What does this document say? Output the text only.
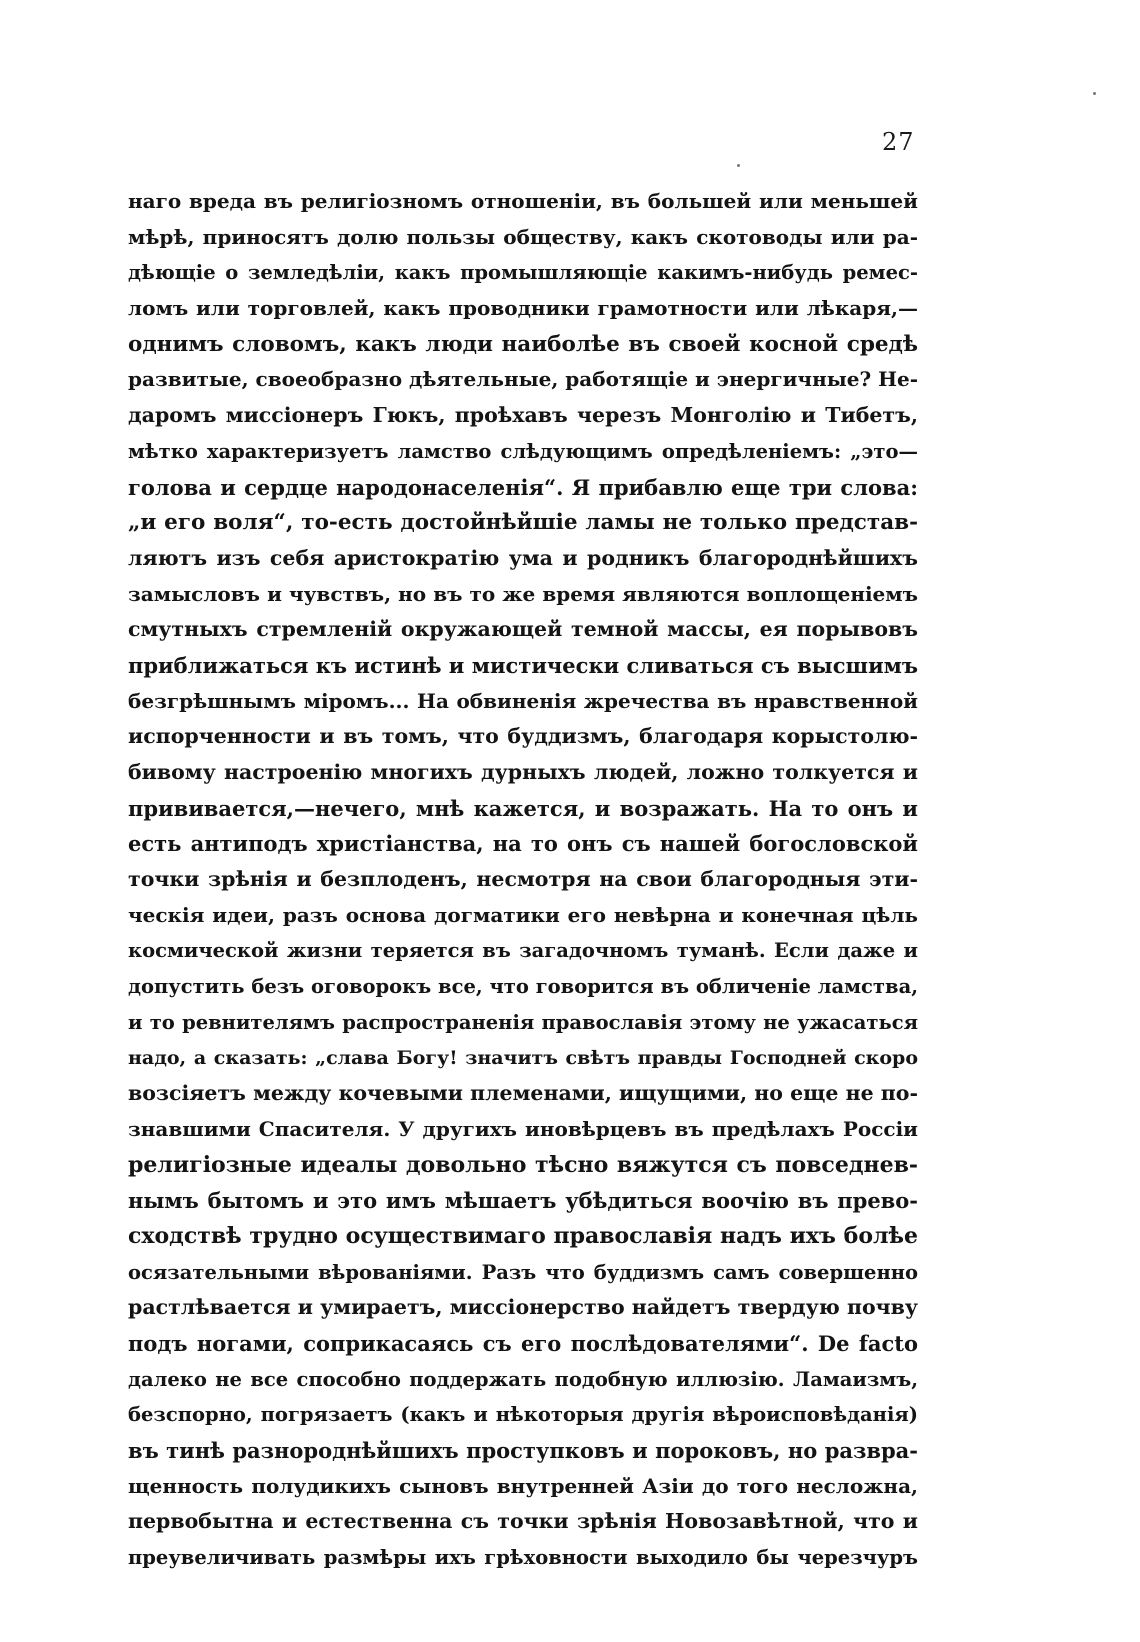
27
наго вреда въ религіозномъ отношеніи, въ большей или меньшей
мѣрѣ, приносятъ долю пользы обществу, какъ скотоводы или ра-
дѣющіе о земледѣліи, какъ промышляющіе какимъ-нибудь ремес-
ломъ или торговлей, какъ проводники грамотности или лѣкаря,—
однимъ словомъ, какъ люди наиболѣе въ своей косной средѣ
развитые, своеобразно дѣятельные, работящіе и энергичные? Не-
даромъ миссіонеръ Гюкъ, проѣхавъ черезъ Монголію и Тибетъ,
мѣтко характеризуетъ ламство слѣдующимъ опредѣленіемъ: „это—
голова и сердце народонаселенія“. Я прибавлю еще три слова:
„и его воля“, то-есть достойнѣйшіе ламы не только представ-
ляютъ изъ себя аристократію ума и родникъ благороднѣйшихъ
замысловъ и чувствъ, но въ то же время являются воплощеніемъ
смутныхъ стремленій окружающей темной массы, ея порывовъ
приближаться къ истинѣ и мистически сливаться съ высшимъ
безгрѣшнымъ міромъ... На обвиненія жречества въ нравственной
испорченности и въ томъ, что буддизмъ, благодаря корыстолю-
бивому настроенію многихъ дурныхъ людей, ложно толкуется и
прививается,—нечего, мнѣ кажется, и возражать. На то онъ и
есть антиподъ христіанства, на то онъ съ нашей богословской
точки зрѣнія и безплоденъ, несмотря на свои благородныя эти-
ческія идеи, разъ основа догматики его невѣрна и конечная цѣль
космической жизни теряется въ загадочномъ туманѣ. Если даже и
допустить безъ оговорокъ все, что говорится въ обличеніе ламства,
и то ревнителямъ распространенія православія этому не ужасаться
надо, а сказать: „слава Богу! значитъ свѣтъ правды Господней скоро
возсіяетъ между кочевыми племенами, ищущими, но еще не по-
знавшими Спасителя. У другихъ иновѣрцевъ въ предѣлахъ Россіи
религіозные идеалы довольно тѣсно вяжутся съ повседнев-
нымъ бытомъ и это имъ мѣшаетъ убѣдиться воочію въ прево-
сходствѣ трудно осуществимаго православія надъ ихъ болѣе
осязательными вѣрованіями. Разъ что буддизмъ самъ совершенно
растлѣвается и умираетъ, миссіонерство найдетъ твердую почву
подъ ногами, соприкасаясь съ его послѣдователями“. De facto
далеко не все способно поддержать подобную иллюзію. Ламаизмъ,
безспорно, погрязаетъ (какъ и нѣкоторыя другія вѣроисповѣданія)
въ тинѣ разнороднѣйшихъ проступковъ и пороковъ, но развра-
щенность полудикихъ сыновъ внутренней Азіи до того несложна,
первобытна и естественна съ точки зрѣнія Новозавѣтной, что и
преувеличивать размѣры ихъ грѣховности выходило бы черезчуръ
